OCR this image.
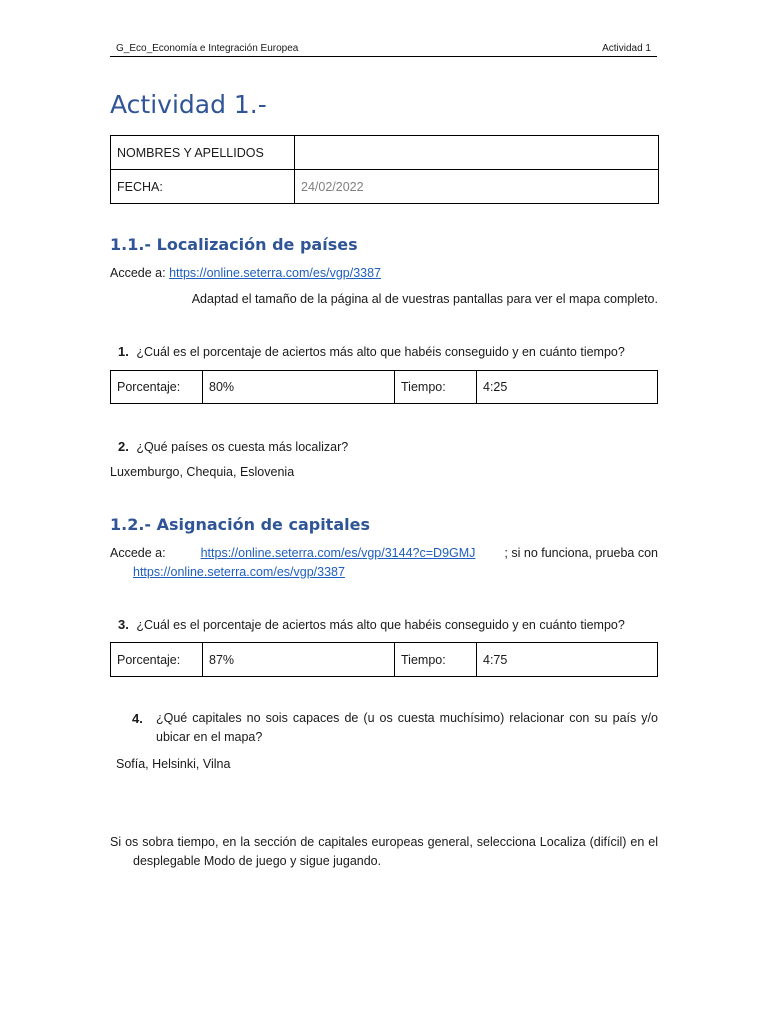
G_Eco_Economía e Integración Europea	Actividad 1
Actividad 1.-
NOMBRES Y APELLIDOS	
FECHA:	24/02/2022
1.1.- Localización de países
Accede a: https://online.seterra.com/es/vgp/3387
Adaptad el tamaño de la página al de vuestras pantallas para ver el mapa completo.
1. ¿Cuál es el porcentaje de aciertos más alto que habéis conseguido y en cuánto tiempo?
Porcentaje:	80%	Tiempo:	4:25
2. ¿Qué países os cuesta más localizar?
Luxemburgo, Chequia, Eslovenia
1.2.- Asignación de capitales
Accede a:	https://online.seterra.com/es/vgp/3144?c=D9GMJ ; si no funciona, prueba con
https://online.seterra.com/es/vgp/3387
3. ¿Cuál es el porcentaje de aciertos más alto que habéis conseguido y en cuánto tiempo?
Porcentaje:	87%	Tiempo:	4:75
4.	¿Qué capitales no sois capaces de (u os cuesta muchísimo) relacionar con su país y/o ubicar en el mapa?
Sofía, Helsinki, Vilna
Si os sobra tiempo, en la sección de capitales europeas general, selecciona Localiza (difícil) en el desplegable Modo de juego y sigue jugando.
